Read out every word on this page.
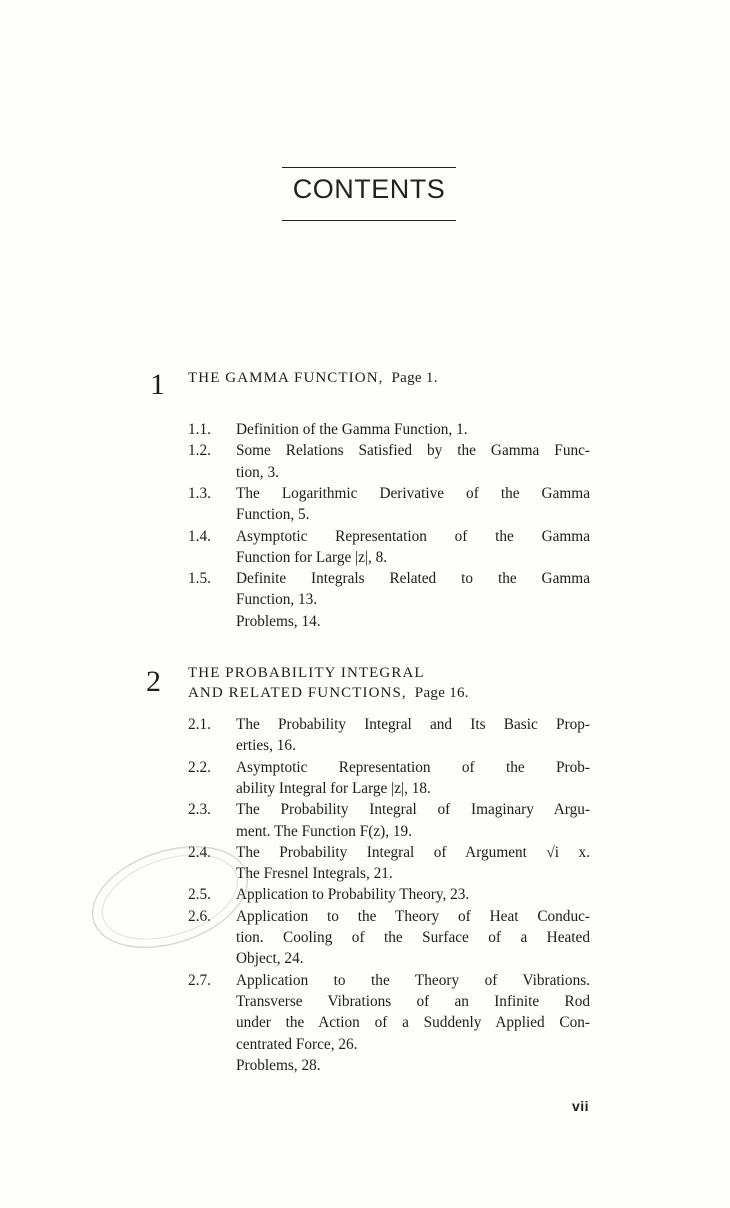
CONTENTS
1 THE GAMMA FUNCTION, Page 1.
1.1. Definition of the Gamma Function, 1.
1.2. Some Relations Satisfied by the Gamma Func-
tion, 3.
1.3. The Logarithmic Derivative of the Gamma
Function, 5.
1.4. Asymptotic Representation of the Gamma
Function for Large |z|, 8.
1.5. Definite Integrals Related to the Gamma
Function, 13.
Problems, 14.
2 THE PROBABILITY INTEGRAL
AND RELATED FUNCTIONS, Page 16.
2.1. The Probability Integral and Its Basic Prop-
erties, 16.
2.2. Asymptotic Representation of the Prob-
ability Integral for Large |z|, 18.
2.3. The Probability Integral of Imaginary Argu-
ment. The Function F(z), 19.
2.4. The Probability Integral of Argument √i x.
The Fresnel Integrals, 21.
2.5. Application to Probability Theory, 23.
2.6. Application to the Theory of Heat Conduc-
tion. Cooling of the Surface of a Heated
Object, 24.
2.7. Application to the Theory of Vibrations.
Transverse Vibrations of an Infinite Rod
under the Action of a Suddenly Applied Con-
centrated Force, 26.
Problems, 28.
vii
